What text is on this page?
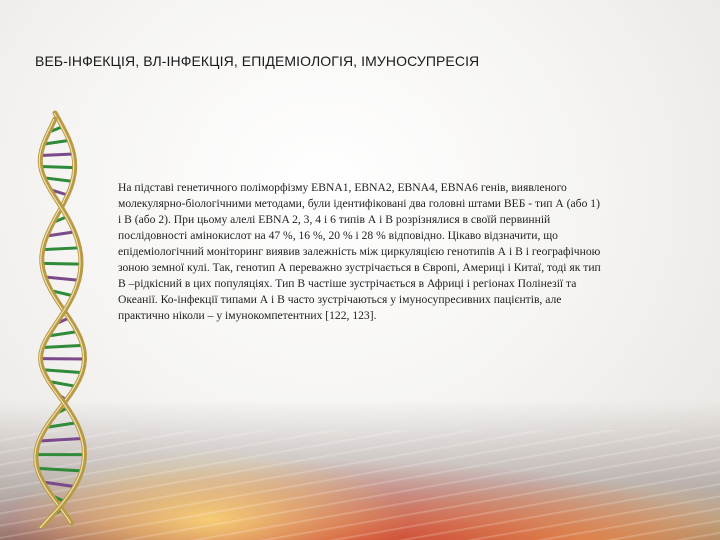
ВЕБ-ІНФЕКЦІЯ, ВЛ-ІНФЕКЦІЯ, ЕПІДЕМІОЛОГІЯ, ІМУНОСУПРЕСІЯ

На підставі генетичного поліморфізму EBNA1, EBNA2, EBNA4, EBNA6 генів, виявленого молекулярно-біологічними методами, були ідентифіковані два головні штами ВЕБ - тип А (або 1) і В (або 2). При цьому алелі EBNA 2, 3, 4 і 6 типів А і В розрізнялися в своїй первинній послідовності амінокислот на 47 %, 16 %, 20 % і 28 % відповідно. Цікаво відзначити, що епідеміологічний моніторинг виявив залежність між циркуляцією генотипів А і В і географічною зоною земної кулі. Так, генотип А переважно зустрічається в Європі, Америці і Китаї, тоді як тип В –рідкісний в цих популяціях. Тип В частіше зустрічається в Африці і регіонах Полінезії та Океанії. Ко-інфекції типами А і В часто зустрічаються у імуносупресивних пацієнтів, але практично ніколи – у імунокомпетентних [122, 123].
